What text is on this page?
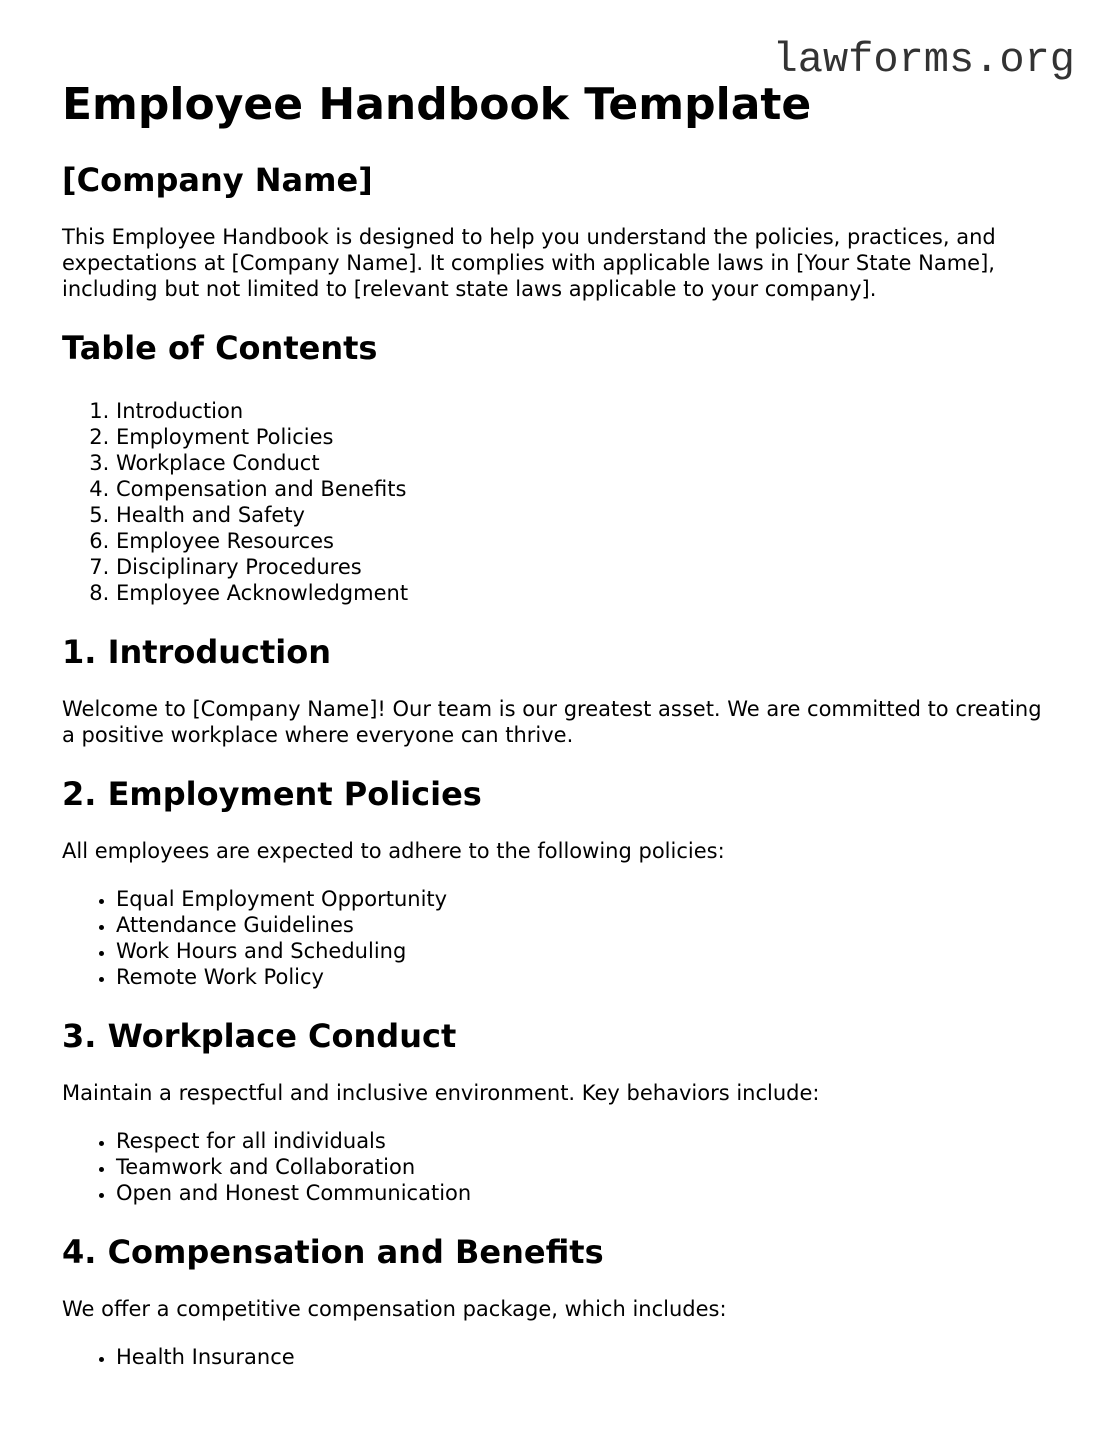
lawforms.org
Employee Handbook Template
[Company Name]

This Employee Handbook is designed to help you understand the policies, practices, and expectations at [Company Name]. It complies with applicable laws in [Your State Name], including but not limited to [relevant state laws applicable to your company].

Table of Contents
1. Introduction
2. Employment Policies
3. Workplace Conduct
4. Compensation and Benefits
5. Health and Safety
6. Employee Resources
7. Disciplinary Procedures
8. Employee Acknowledgment
1. Introduction

Welcome to [Company Name]! Our team is our greatest asset. We are committed to creating a positive workplace where everyone can thrive.

2. Employment Policies

All employees are expected to adhere to the following policies:

• Equal Employment Opportunity
• Attendance Guidelines
• Work Hours and Scheduling
• Remote Work Policy
3. Workplace Conduct

Maintain a respectful and inclusive environment. Key behaviors include:

• Respect for all individuals
• Teamwork and Collaboration
• Open and Honest Communication
4. Compensation and Benefits

We offer a competitive compensation package, which includes:

• Health Insurance
